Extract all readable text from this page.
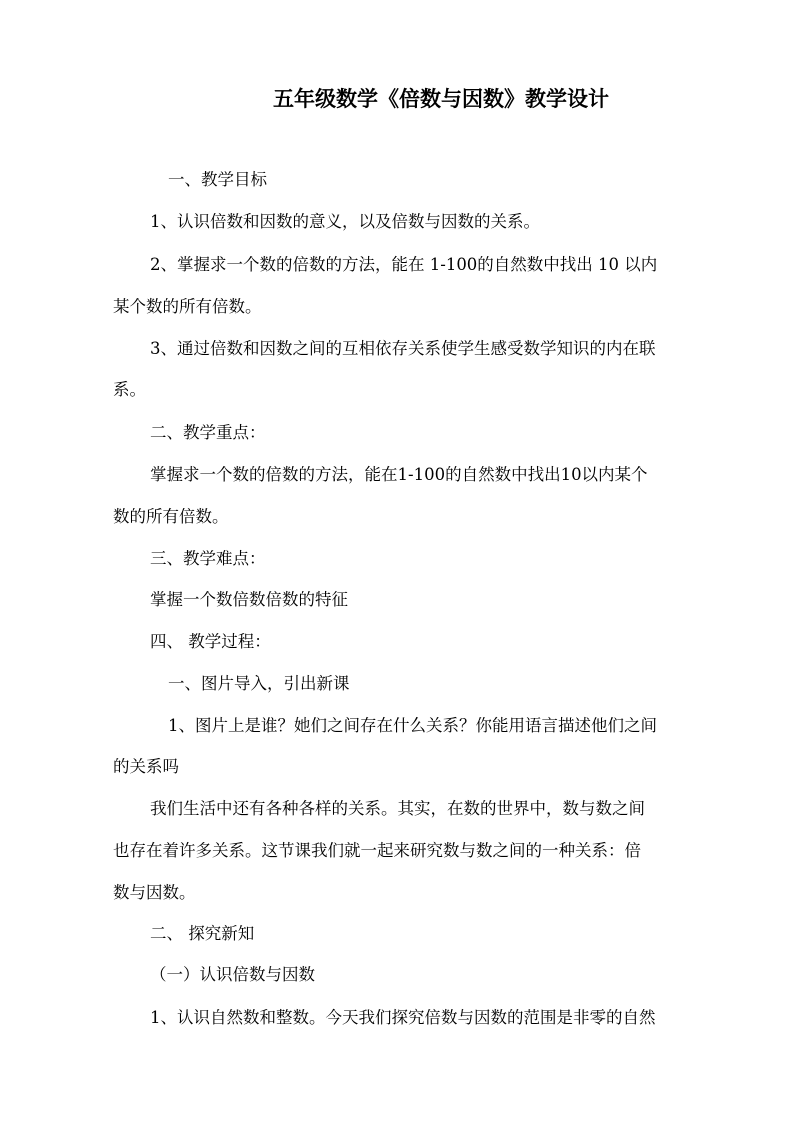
五年级数学《倍数与因数》教学设计
一、教学目标
1、认识倍数和因数的意义，以及倍数与因数的关系。
2、掌握求一个数的倍数的方法，能在 1-100的自然数中找出 10 以内
某个数的所有倍数。
3、通过倍数和因数之间的互相依存关系使学生感受数学知识的内在联
系。
二、教学重点：
掌握求一个数的倍数的方法，能在1-100的自然数中找出10以内某个
数的所有倍数。
三、教学难点：
掌握一个数倍数倍数的特征
四、 教学过程：
一、图片导入，引出新课
1、图片上是谁？她们之间存在什么关系？你能用语言描述他们之间
的关系吗
我们生活中还有各种各样的关系。其实，在数的世界中，数与数之间
也存在着许多关系。这节课我们就一起来研究数与数之间的一种关系：倍
数与因数。
二、 探究新知
（一）认识倍数与因数
1、认识自然数和整数。今天我们探究倍数与因数的范围是非零的自然
